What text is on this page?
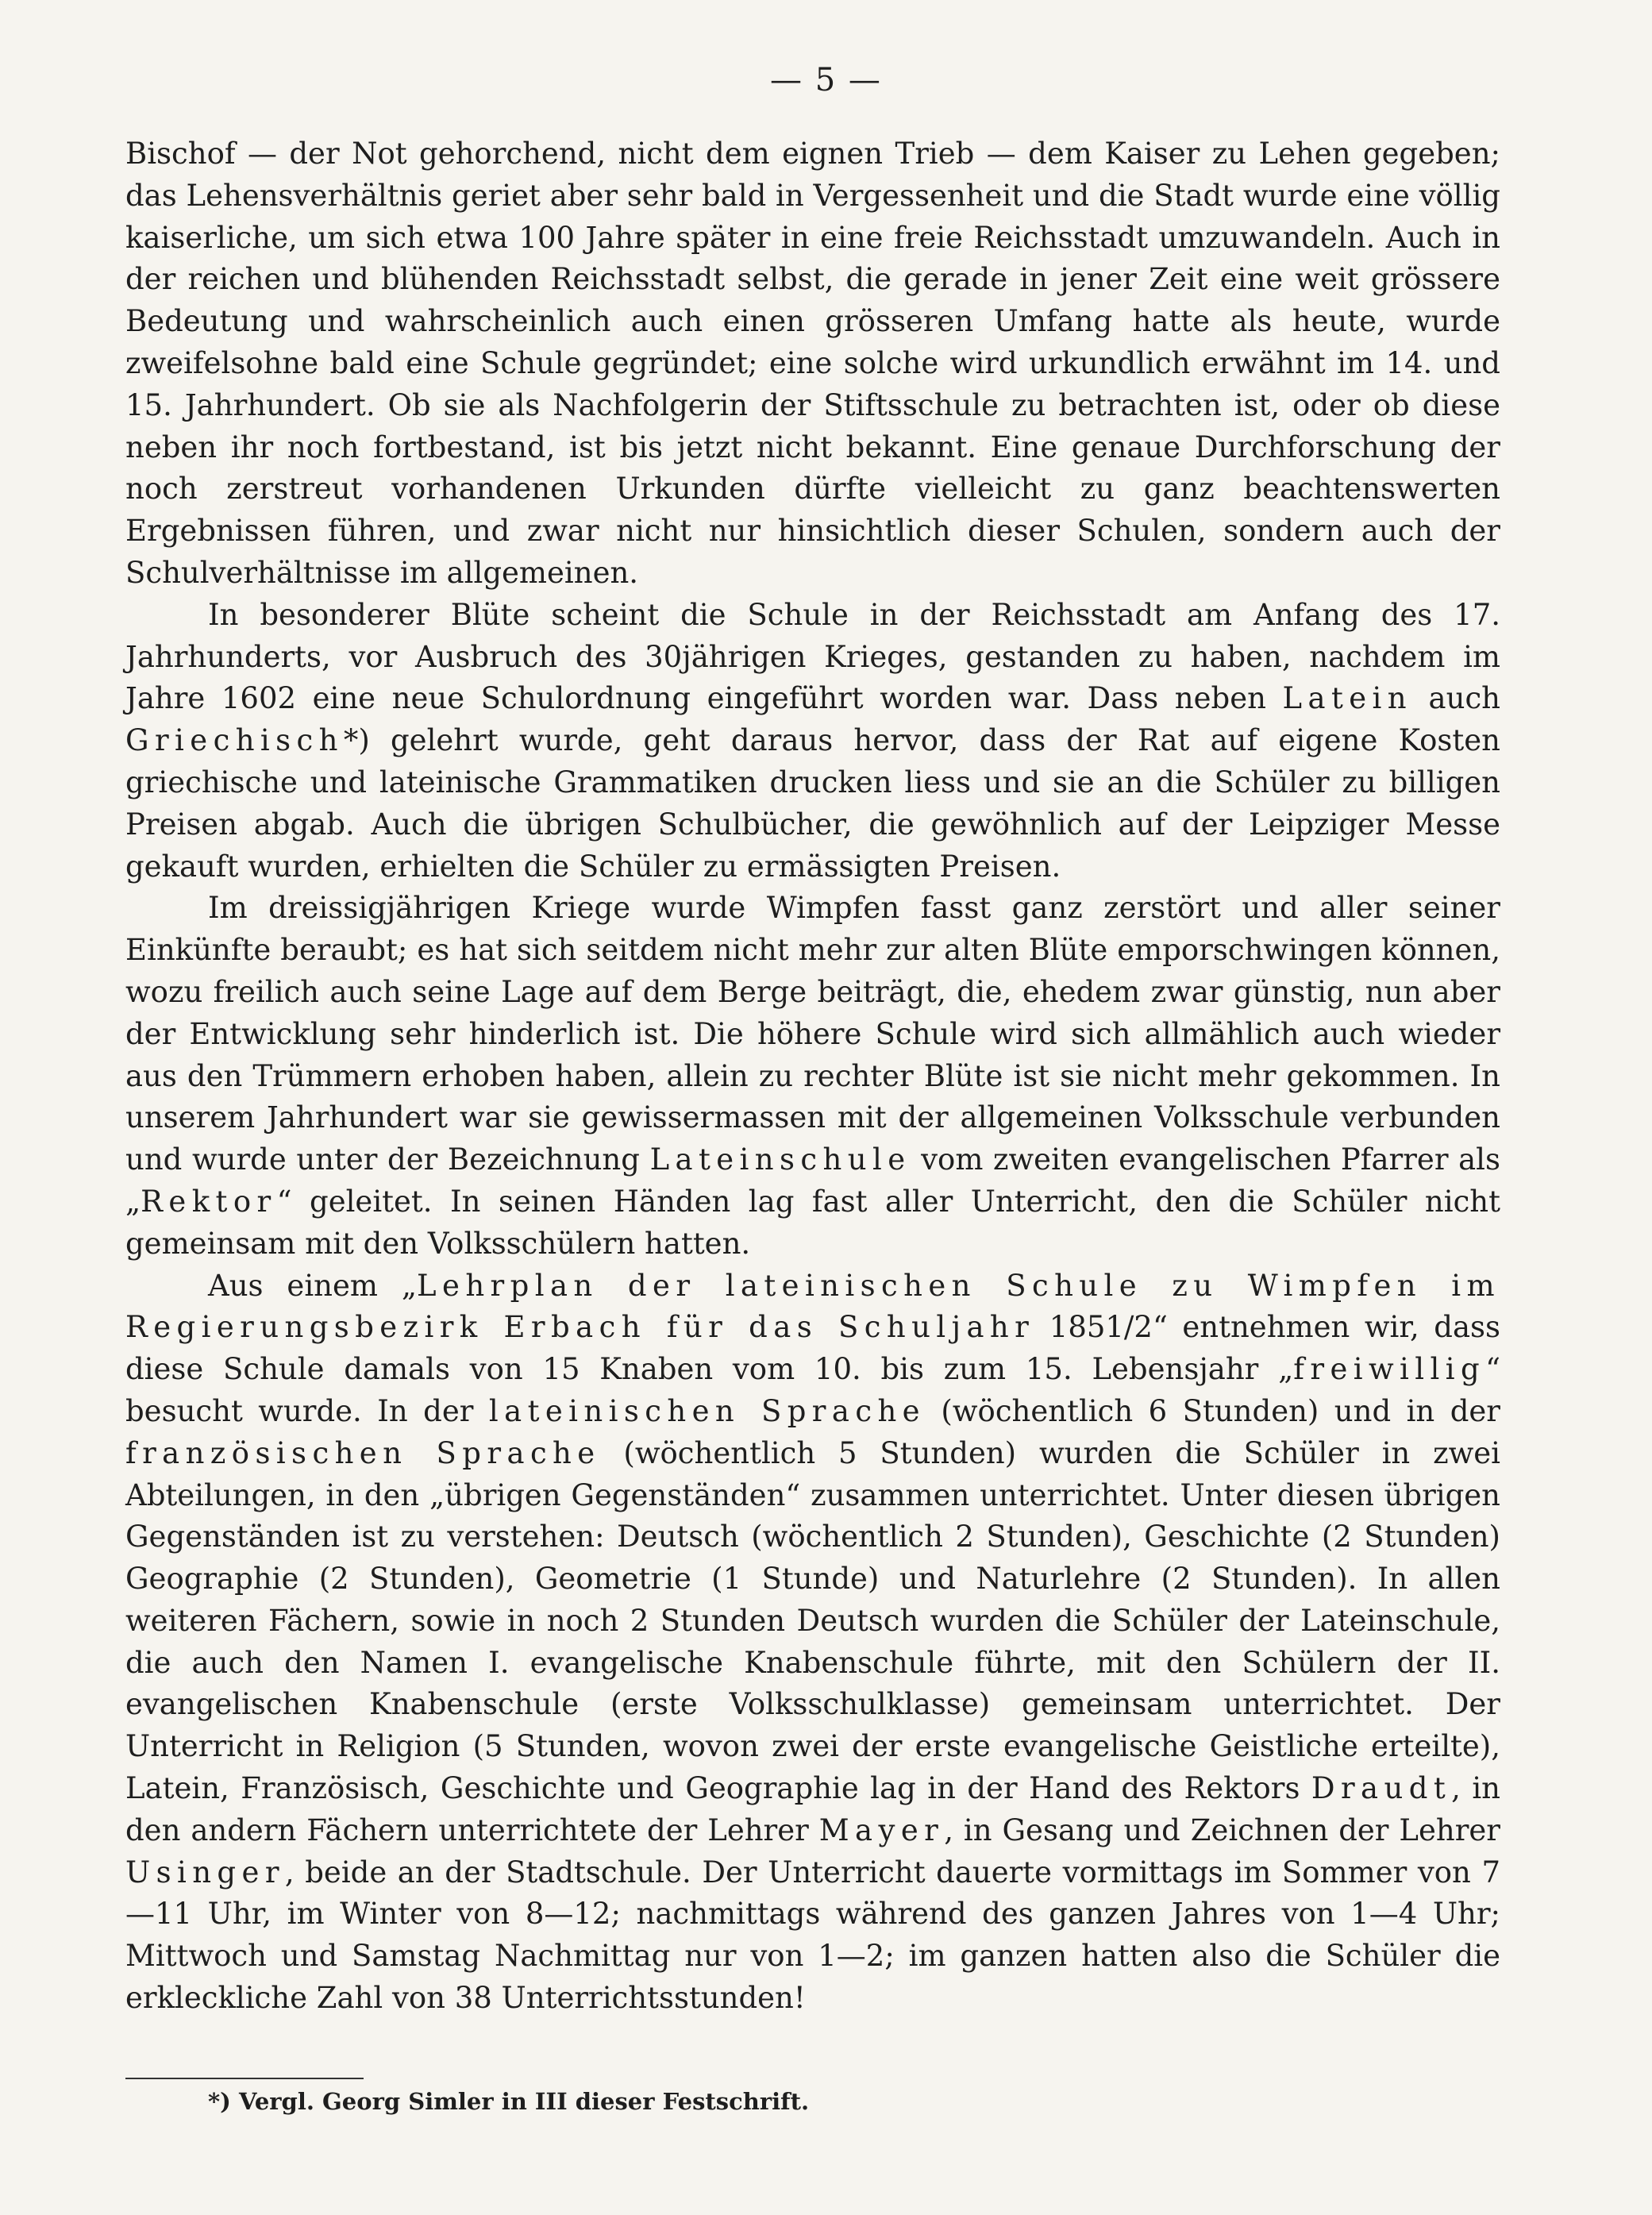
— 5 —

Bischof — der Not gehorchend, nicht dem eignen Trieb — dem Kaiser zu Lehen gegeben; das Lehensverhältnis geriet aber sehr bald in Vergessenheit und die Stadt wurde eine völlig kaiserliche, um sich etwa 100 Jahre später in eine freie Reichsstadt umzuwandeln. Auch in der reichen und blühenden Reichsstadt selbst, die gerade in jener Zeit eine weit grössere Bedeutung und wahrscheinlich auch einen grösseren Umfang hatte als heute, wurde zweifelsohne bald eine Schule gegründet; eine solche wird urkundlich erwähnt im 14. und 15. Jahrhundert. Ob sie als Nachfolgerin der Stiftsschule zu betrachten ist, oder ob diese neben ihr noch fortbestand, ist bis jetzt nicht bekannt. Eine genaue Durchforschung der noch zerstreut vorhandenen Urkunden dürfte vielleicht zu ganz beachtenswerten Ergebnissen führen, und zwar nicht nur hinsichtlich dieser Schulen, sondern auch der Schulverhältnisse im allgemeinen.

In besonderer Blüte scheint die Schule in der Reichsstadt am Anfang des 17. Jahrhunderts, vor Ausbruch des 30jährigen Krieges, gestanden zu haben, nachdem im Jahre 1602 eine neue Schulordnung eingeführt worden war. Dass neben Latein auch Griechisch*) gelehrt wurde, geht daraus hervor, dass der Rat auf eigene Kosten griechische und lateinische Grammatiken drucken liess und sie an die Schüler zu billigen Preisen abgab. Auch die übrigen Schulbücher, die gewöhnlich auf der Leipziger Messe gekauft wurden, erhielten die Schüler zu ermässigten Preisen.

Im dreissigjährigen Kriege wurde Wimpfen fasst ganz zerstört und aller seiner Einkünfte beraubt; es hat sich seitdem nicht mehr zur alten Blüte emporschwingen können, wozu freilich auch seine Lage auf dem Berge beiträgt, die, ehedem zwar günstig, nun aber der Entwicklung sehr hinderlich ist. Die höhere Schule wird sich allmählich auch wieder aus den Trümmern erhoben haben, allein zu rechter Blüte ist sie nicht mehr gekommen. In unserem Jahrhundert war sie gewissermassen mit der allgemeinen Volksschule verbunden und wurde unter der Bezeichnung Lateinschule vom zweiten evangelischen Pfarrer als „Rektor“ geleitet. In seinen Händen lag fast aller Unterricht, den die Schüler nicht gemeinsam mit den Volksschülern hatten.

Aus einem „Lehrplan der lateinischen Schule zu Wimpfen im Regierungsbezirk Erbach für das Schuljahr 1851/2“ entnehmen wir, dass diese Schule damals von 15 Knaben vom 10. bis zum 15. Lebensjahr „freiwillig“ besucht wurde. In der lateinischen Sprache (wöchentlich 6 Stunden) und in der französischen Sprache (wöchentlich 5 Stunden) wurden die Schüler in zwei Abteilungen, in den „übrigen Gegenständen“ zusammen unterrichtet. Unter diesen übrigen Gegenständen ist zu verstehen: Deutsch (wöchentlich 2 Stunden), Geschichte (2 Stunden) Geographie (2 Stunden), Geometrie (1 Stunde) und Naturlehre (2 Stunden). In allen weiteren Fächern, sowie in noch 2 Stunden Deutsch wurden die Schüler der Lateinschule, die auch den Namen I. evangelische Knabenschule führte, mit den Schülern der II. evangelischen Knabenschule (erste Volksschulklasse) gemeinsam unterrichtet. Der Unterricht in Religion (5 Stunden, wovon zwei der erste evangelische Geistliche erteilte), Latein, Französisch, Geschichte und Geographie lag in der Hand des Rektors Draudt, in den andern Fächern unterrichtete der Lehrer Mayer, in Gesang und Zeichnen der Lehrer Usinger, beide an der Stadtschule. Der Unterricht dauerte vormittags im Sommer von 7—11 Uhr, im Winter von 8—12; nachmittags während des ganzen Jahres von 1—4 Uhr; Mittwoch und Samstag Nachmittag nur von 1—2; im ganzen hatten also die Schüler die erkleckliche Zahl von 38 Unterrichtsstunden!

*) Vergl. Georg Simler in III dieser Festschrift.
